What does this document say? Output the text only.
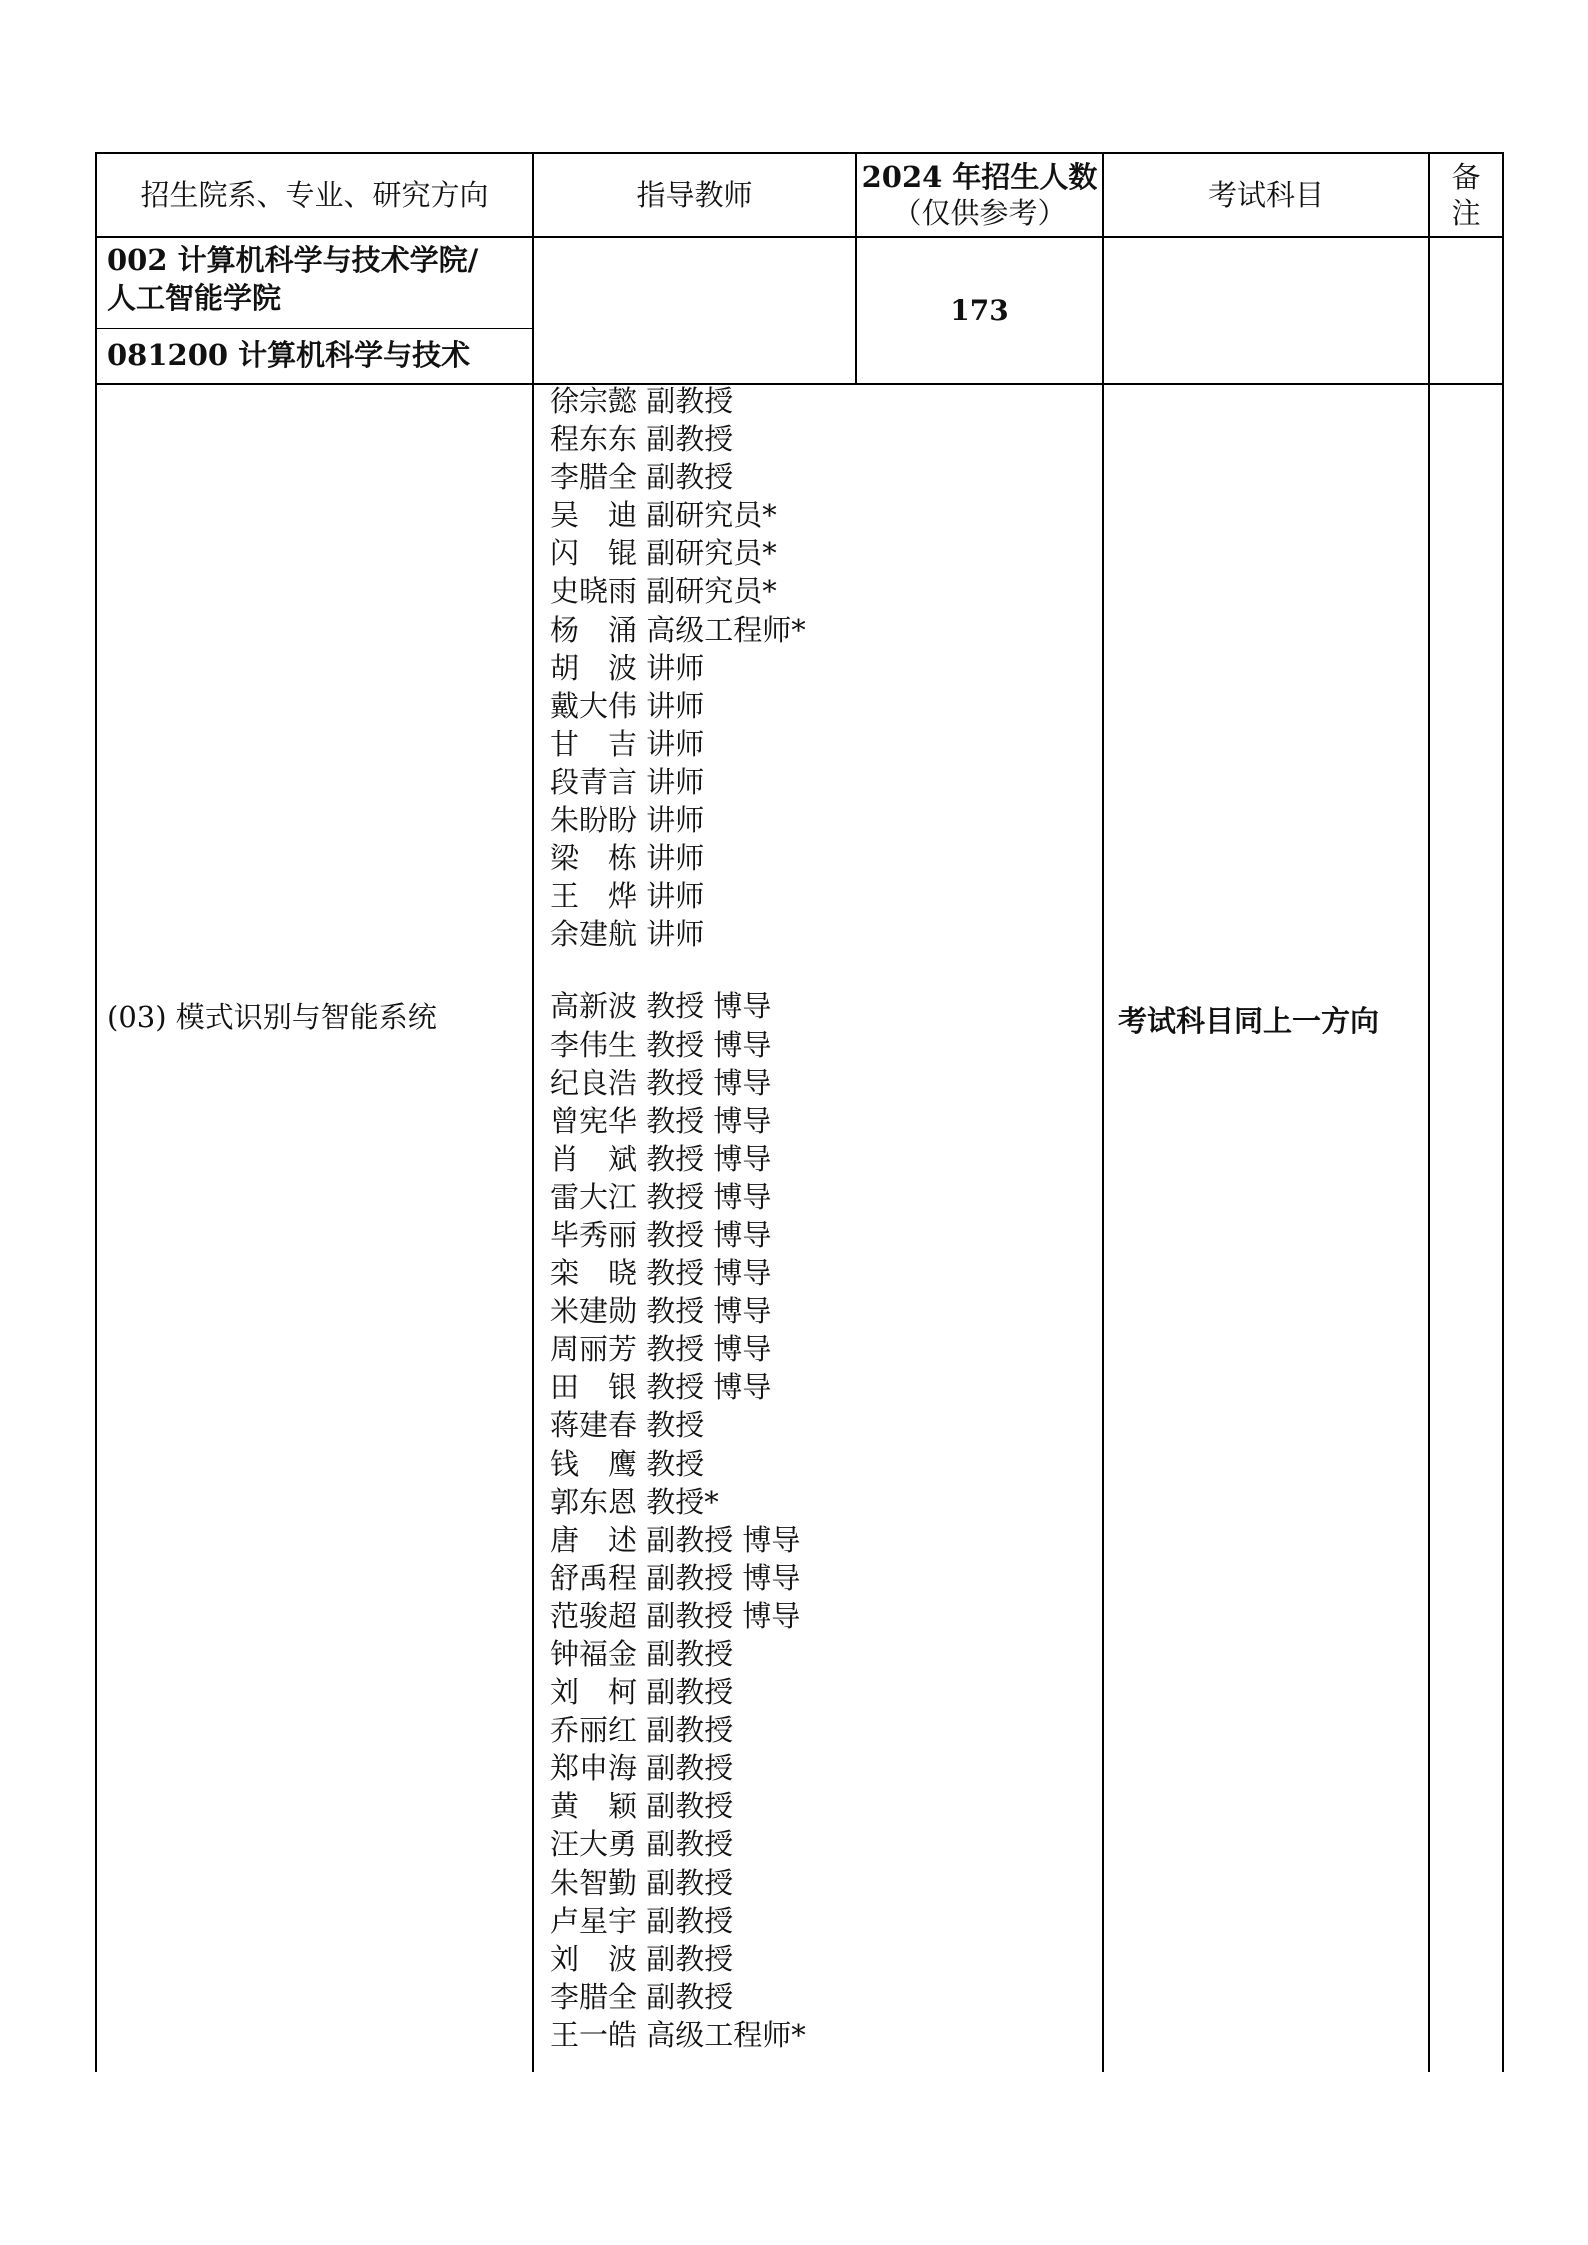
招生院系、专业、研究方向	指导教师
2024 年招生人数
（仅供参考）
考试科目
备
注
002 计算机科学与技术学院/
人工智能学院
081200 计算机科学与技术
173
(03) 模式识别与智能系统	考试科目同上一方向
徐宗懿 副教授
程东东 副教授
李腊全 副教授
吴　迪 副研究员*
闪　锟 副研究员*
史晓雨 副研究员*
杨　涌 高级工程师*
胡　波 讲师
戴大伟 讲师
甘　吉 讲师
段青言 讲师
朱盼盼 讲师
梁　栋 讲师
王　烨 讲师
余建航 讲师
高新波 教授 博导
李伟生 教授 博导
纪良浩 教授 博导
曾宪华 教授 博导
肖　斌 教授 博导
雷大江 教授 博导
毕秀丽 教授 博导
栾　晓 教授 博导
米建勋 教授 博导
周丽芳 教授 博导
田　银 教授 博导
蒋建春 教授
钱　鹰 教授
郭东恩 教授*
唐　述 副教授 博导
舒禹程 副教授 博导
范骏超 副教授 博导
钟福金 副教授
刘　柯 副教授
乔丽红 副教授
郑申海 副教授
黄　颖 副教授
汪大勇 副教授
朱智勤 副教授
卢星宇 副教授
刘　波 副教授
李腊全 副教授
王一皓 高级工程师*
